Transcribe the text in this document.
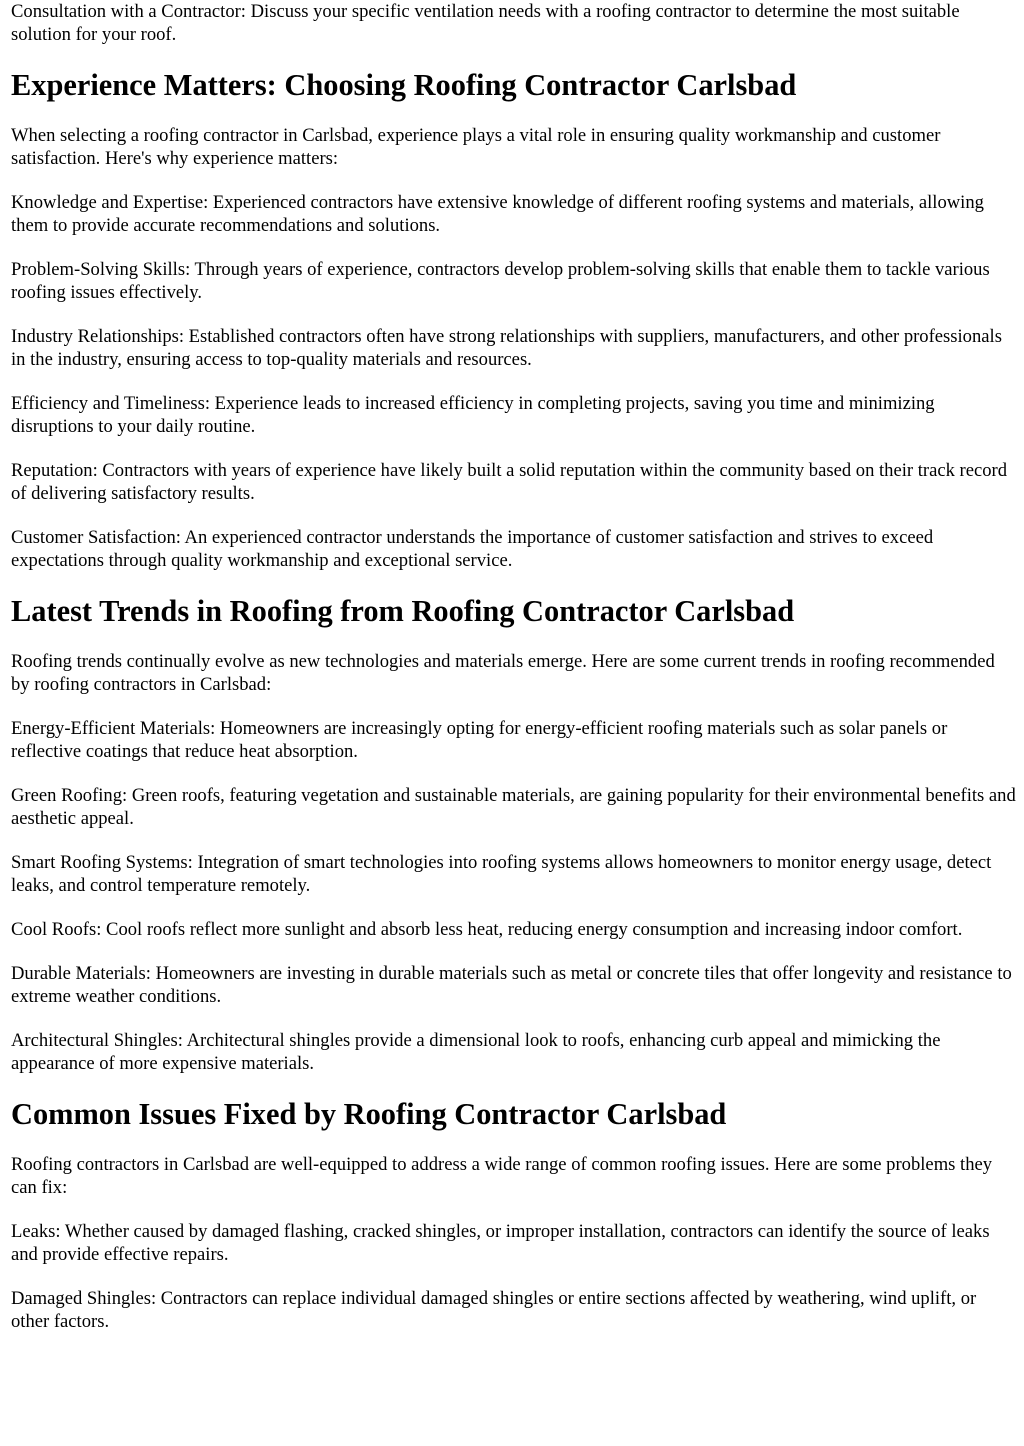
Consultation with a Contractor: Discuss your specific ventilation needs with a roofing contractor to determine the most suitable solution for your roof.

Experience Matters: Choosing Roofing Contractor Carlsbad

When selecting a roofing contractor in Carlsbad, experience plays a vital role in ensuring quality workmanship and customer satisfaction. Here's why experience matters:

Knowledge and Expertise: Experienced contractors have extensive knowledge of different roofing systems and materials, allowing them to provide accurate recommendations and solutions.

Problem-Solving Skills: Through years of experience, contractors develop problem-solving skills that enable them to tackle various roofing issues effectively.

Industry Relationships: Established contractors often have strong relationships with suppliers, manufacturers, and other professionals in the industry, ensuring access to top-quality materials and resources.

Efficiency and Timeliness: Experience leads to increased efficiency in completing projects, saving you time and minimizing disruptions to your daily routine.

Reputation: Contractors with years of experience have likely built a solid reputation within the community based on their track record of delivering satisfactory results.

Customer Satisfaction: An experienced contractor understands the importance of customer satisfaction and strives to exceed expectations through quality workmanship and exceptional service.

Latest Trends in Roofing from Roofing Contractor Carlsbad

Roofing trends continually evolve as new technologies and materials emerge. Here are some current trends in roofing recommended by roofing contractors in Carlsbad:

Energy-Efficient Materials: Homeowners are increasingly opting for energy-efficient roofing materials such as solar panels or reflective coatings that reduce heat absorption.

Green Roofing: Green roofs, featuring vegetation and sustainable materials, are gaining popularity for their environmental benefits and aesthetic appeal.

Smart Roofing Systems: Integration of smart technologies into roofing systems allows homeowners to monitor energy usage, detect leaks, and control temperature remotely.

Cool Roofs: Cool roofs reflect more sunlight and absorb less heat, reducing energy consumption and increasing indoor comfort.

Durable Materials: Homeowners are investing in durable materials such as metal or concrete tiles that offer longevity and resistance to extreme weather conditions.

Architectural Shingles: Architectural shingles provide a dimensional look to roofs, enhancing curb appeal and mimicking the appearance of more expensive materials.

Common Issues Fixed by Roofing Contractor Carlsbad

Roofing contractors in Carlsbad are well-equipped to address a wide range of common roofing issues. Here are some problems they can fix:

Leaks: Whether caused by damaged flashing, cracked shingles, or improper installation, contractors can identify the source of leaks and provide effective repairs.

Damaged Shingles: Contractors can replace individual damaged shingles or entire sections affected by weathering, wind uplift, or other factors.
